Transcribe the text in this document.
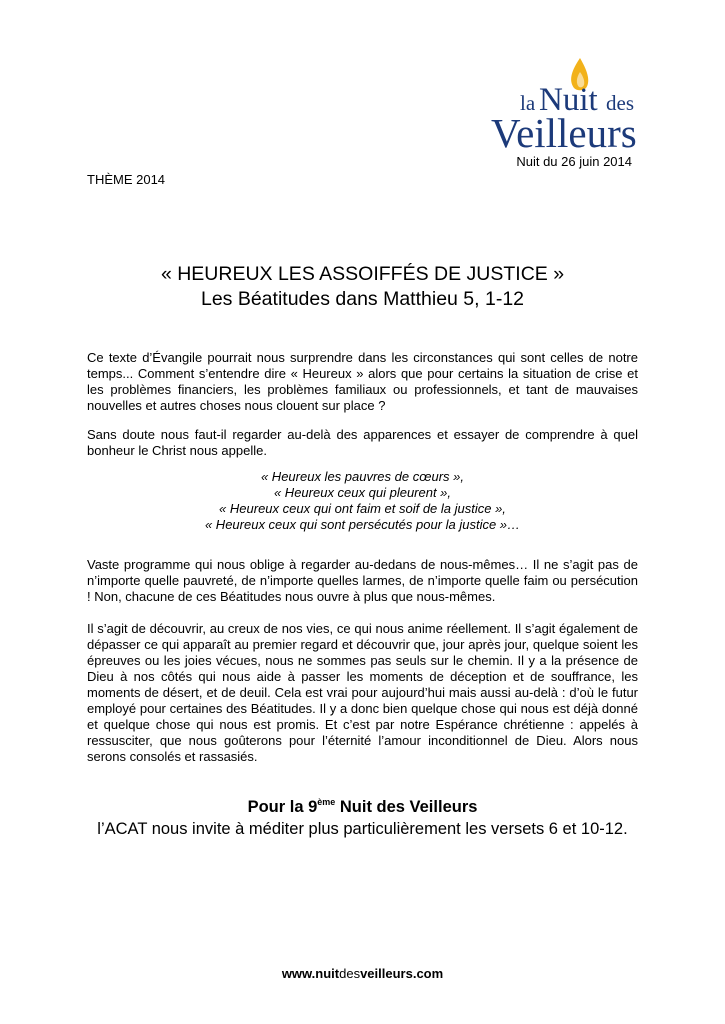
la Nuit des
Veilleurs
Nuit du 26 juin 2014
THÈME 2014
« HEUREUX LES ASSOIFFÉS DE JUSTICE »
Les Béatitudes dans Matthieu 5, 1-12

Ce texte d’Évangile pourrait nous surprendre dans les circonstances qui sont celles de notre temps... Comment s’entendre dire « Heureux » alors que pour certains la situation de crise et les problèmes financiers, les problèmes familiaux ou professionnels, et tant de mauvaises nouvelles et autres choses nous clouent sur place ?

Sans doute nous faut-il regarder au-delà des apparences et essayer de comprendre à quel bonheur le Christ nous appelle.

« Heureux les pauvres de cœurs »,
« Heureux ceux qui pleurent »,
« Heureux ceux qui ont faim et soif de la justice »,
« Heureux ceux qui sont persécutés pour la justice »…

Vaste programme qui nous oblige à regarder au-dedans de nous-mêmes… Il ne s’agit pas de n’importe quelle pauvreté, de n’importe quelles larmes, de n’importe quelle faim ou persécution ! Non, chacune de ces Béatitudes nous ouvre à plus que nous-mêmes.

Il s’agit de découvrir, au creux de nos vies, ce qui nous anime réellement. Il s’agit également de dépasser ce qui apparaît au premier regard et découvrir que, jour après jour, quelque soient les épreuves ou les joies vécues, nous ne sommes pas seuls sur le chemin. Il y a la présence de Dieu à nos côtés qui nous aide à passer les moments de déception et de souffrance, les moments de désert, et de deuil. Cela est vrai pour aujourd’hui mais aussi au-delà : d’où le futur employé pour certaines des Béatitudes. Il y a donc bien quelque chose qui nous est déjà donné et quelque chose qui nous est promis. Et c’est par notre Espérance chrétienne : appelés à ressusciter, que nous goûterons pour l’éternité l’amour inconditionnel de Dieu. Alors nous serons consolés et rassasiés.

Pour la 9ème Nuit des Veilleurs
l’ACAT nous invite à méditer plus particulièrement les versets 6 et 10-12.
www.nuitdesveilleurs.com
